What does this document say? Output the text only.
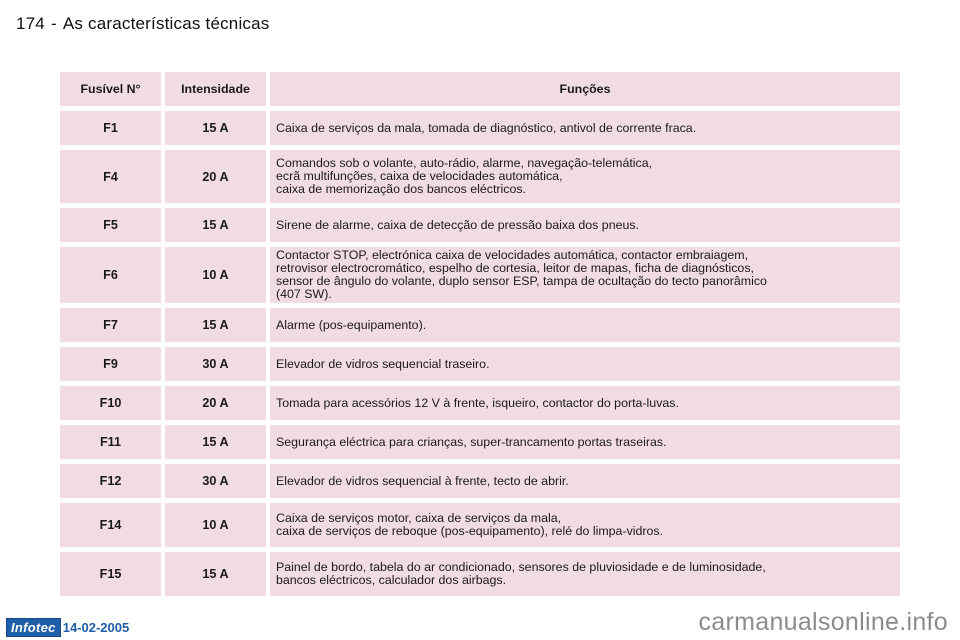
174 - As características técnicas
Fusível N°	Intensidade	Funções
F1	15 A	Caixa de serviços da mala, tomada de diagnóstico, antivol de corrente fraca.
F4	20 A	Comandos sob o volante, auto-rádio, alarme, navegação-telemática,
ecrã multifunções, caixa de velocidades automática,
caixa de memorização dos bancos eléctricos.
F5	15 A	Sirene de alarme, caixa de detecção de pressão baixa dos pneus.
F6	10 A	Contactor STOP, electrónica caixa de velocidades automática, contactor embraiagem,
retrovisor electrocromático, espelho de cortesia, leitor de mapas, ficha de diagnósticos,
sensor de ângulo do volante, duplo sensor ESP, tampa de ocultação do tecto panorâmico
(407 SW).
F7	15 A	Alarme (pos-equipamento).
F9	30 A	Elevador de vidros sequencial traseiro.
F10	20 A	Tomada para acessórios 12 V à frente, isqueiro, contactor do porta-luvas.
F11	15 A	Segurança eléctrica para crianças, super-trancamento portas traseiras.
F12	30 A	Elevador de vidros sequencial à frente, tecto de abrir.
F14	10 A	Caixa de serviços motor, caixa de serviços da mala,
caixa de serviços de reboque (pos-equipamento), relé do limpa-vidros.
F15	15 A	Painel de bordo, tabela do ar condicionado, sensores de pluviosidade e de luminosidade,
bancos eléctricos, calculador dos airbags.
Infotec 14-02-2005	carmanualsonline.info
